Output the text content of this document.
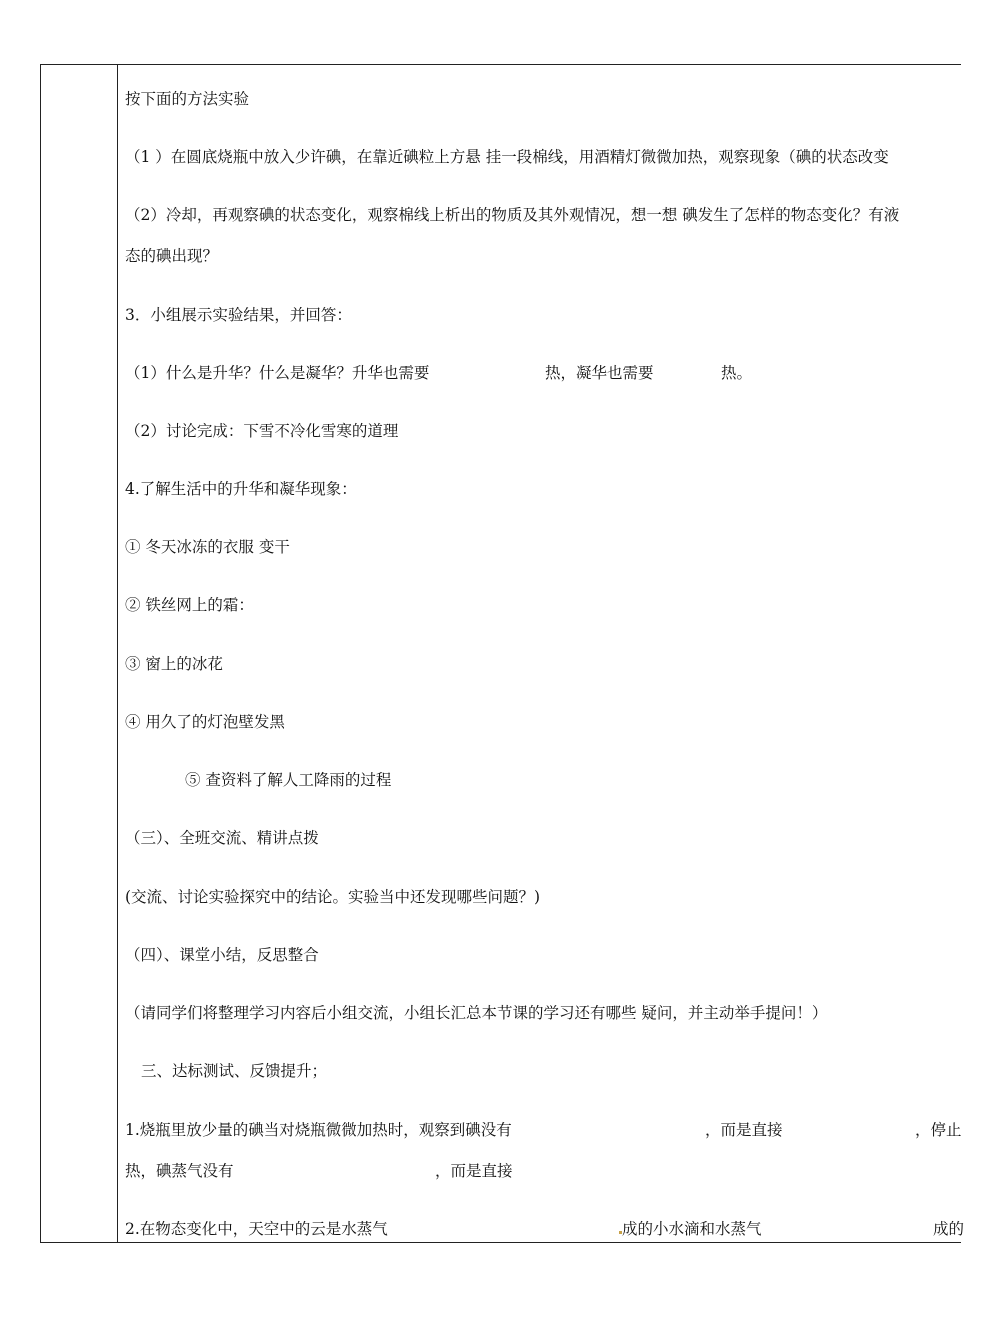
按下面的方法实验
（1 ）在圆底烧瓶中放入少许碘，在靠近碘粒上方悬 挂一段棉线，用酒精灯微微加热，观察现象（碘的状态改变
（2）冷却，再观察碘的状态变化，观察棉线上析出的物质及其外观情况，想一想 碘发生了怎样的物态变化？有液
态的碘出现？
3．小组展示实验结果，并回答：
（1）什么是升华？什么是凝华？升华也需要	热，凝华也需要	热。
（2）讨论完成：下雪不冷化雪寒的道理
4.了解生活中的升华和凝华现象：
① 冬天冰冻的衣服 变干
② 铁丝网上的霜：
③ 窗上的冰花
④ 用久了的灯泡壁发黑
⑤ 查资料了解人工降雨的过程
（三）、全班交流、精讲点拨
(交流、讨论实验探究中的结论。实验当中还发现哪些问题？)
（四）、课堂小结，反思整合
（请同学们将整理学习内容后小组交流，小组长汇总本节课的学习还有哪些 疑问，并主动举手提问！）
三、达标测试、反馈提升；
1.烧瓶里放少量的碘当对烧瓶微微加热时，观察到碘没有	，而是直接	，停止
热，碘蒸气没有	，而是直接
2.在物态变化中，天空中的云是水蒸气	成的小水滴和水蒸气	成的
